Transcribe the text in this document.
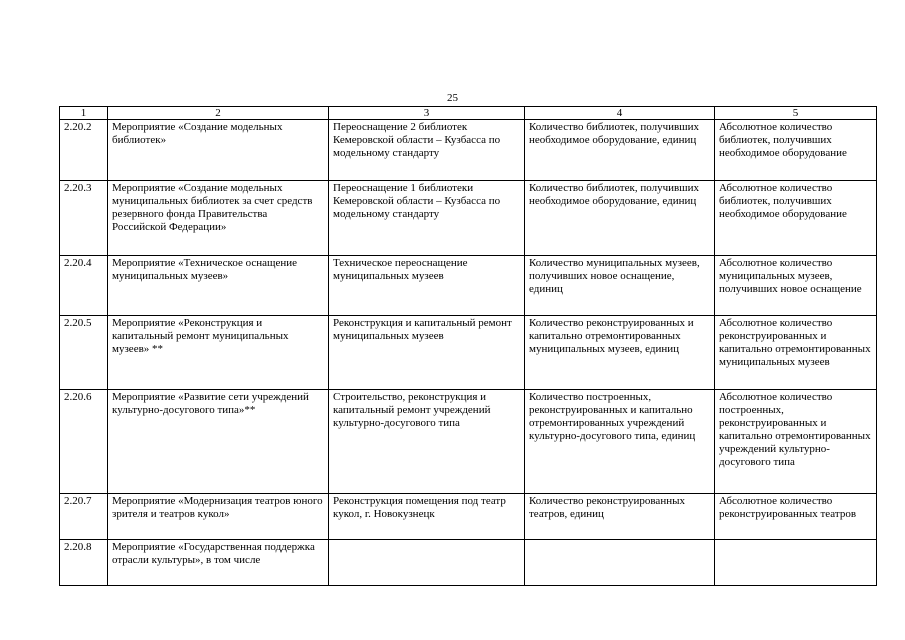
25
1	2	3	4	5
2.20.2	Мероприятие «Создание модельных библиотек»	Переоснащение 2 библиотек Кемеровской области – Кузбасса по модельному стандарту	Количество библиотек, получивших необходимое оборудование, единиц	Абсолютное количество библиотек, получивших необходимое оборудование
2.20.3	Мероприятие «Создание модельных муниципальных библиотек за счет средств резервного фонда Правительства Российской Федерации»	Переоснащение 1 библиотеки Кемеровской области – Кузбасса по модельному стандарту	Количество библиотек, получивших необходимое оборудование, единиц	Абсолютное количество библиотек, получивших необходимое оборудование
2.20.4	Мероприятие «Техническое оснащение муниципальных музеев»	Техническое переоснащение муниципальных музеев	Количество муниципальных музеев, получивших новое оснащение, единиц	Абсолютное количество муниципальных музеев, получивших новое оснащение
2.20.5	Мероприятие «Реконструкция и капитальный ремонт муниципальных музеев» **	Реконструкция и капитальный ремонт муниципальных музеев	Количество реконструированных и капитально отремонтированных муниципальных музеев, единиц	Абсолютное количество реконструированных и капитально отремонтированных муниципальных музеев
2.20.6	Мероприятие «Развитие сети учреждений культурно-досугового типа»**	Строительство, реконструкция и капитальный ремонт учреждений культурно-досугового типа	Количество построенных, реконструированных и капитально отремонтированных учреждений культурно-досугового типа, единиц	Абсолютное количество построенных, реконструированных и капитально отремонтированных учреждений культурно-досугового типа
2.20.7	Мероприятие «Модернизация театров юного зрителя и театров кукол»	Реконструкция помещения под театр кукол, г. Новокузнецк	Количество реконструированных театров, единиц	Абсолютное количество реконструированных театров
2.20.8	Мероприятие «Государственная поддержка отрасли культуры», в том числе			
